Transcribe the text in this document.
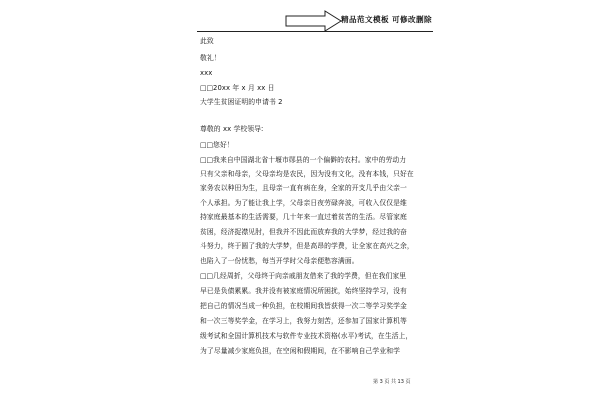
精品范文模板 可修改删除
此致
敬礼！
xxx
□□20xx 年 x 月 xx 日
大学生贫困证明的申请书 2
尊敬的 xx 学校领导:
□□您好！
□□我来自中国湖北省十堰市郧县的一个偏僻的农村。家中的劳动力
只有父亲和母亲，父母亲均是农民，因为没有文化，没有本钱，只好在
家务农以种田为生，且母亲一直有病在身，全家的开支几乎由父亲一
个人承担。为了能让我上学，父母亲日夜劳碌奔波，可收入仅仅是维
持家庭最基本的生活需要，几十年来一直过着贫苦的生活。尽管家庭
贫困，经济捉襟见肘，但我并不因此而放弃我的大学梦，经过我的奋
斗努力，终于圆了我的大学梦，但是高昂的学费，让全家在高兴之余，
也陷入了一份忧愁，每当开学时父母亲便愁容满面。
□□几经周折，父母终于向亲戚朋友借来了我的学费，但在我们家里
早已是负债累累。我并没有被家庭情况所困扰，始终坚持学习，没有
把自己的情况当成一种负担，在校期间我皆获得一次二等学习奖学金
和一次三等奖学金，在学习上，我努力刻苦，还参加了国家计算机等
级考试和全国计算机技术与软件专业技术资格(水平)考试，在生活上，
为了尽量减少家庭负担，在空闲和假期间，在不影响自己学业和学
第 3 页 共 13 页
